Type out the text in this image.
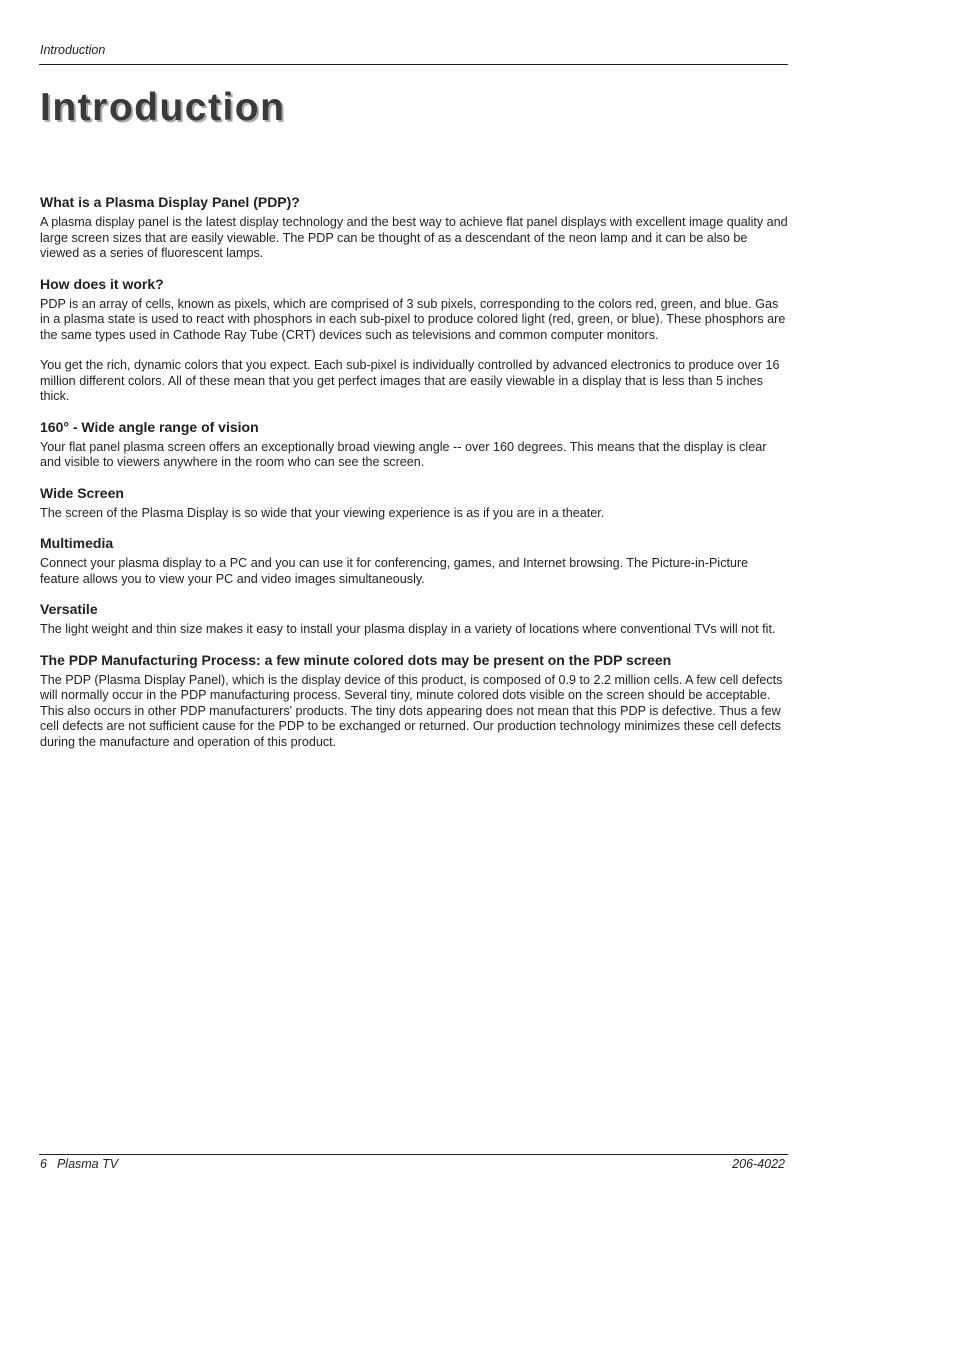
Introduction
Introduction
What is a Plasma Display Panel (PDP)?

A plasma display panel is the latest display technology and the best way to achieve flat panel displays with excellent image quality and large screen sizes that are easily viewable. The PDP can be thought of as a descendant of the neon lamp and it can be also be viewed as a series of fluorescent lamps.

How does it work?

PDP is an array of cells, known as pixels, which are comprised of 3 sub pixels, corresponding to the colors red, green, and blue. Gas in a plasma state is used to react with phosphors in each sub-pixel to produce colored light (red, green, or blue). These phosphors are the same types used in Cathode Ray Tube (CRT) devices such as televisions and common computer monitors.

You get the rich, dynamic colors that you expect. Each sub-pixel is individually controlled by advanced electronics to produce over 16 million different colors. All of these mean that you get perfect images that are easily viewable in a display that is less than 5 inches thick.

160° - Wide angle range of vision

Your flat panel plasma screen offers an exceptionally broad viewing angle -- over 160 degrees. This means that the display is clear and visible to viewers anywhere in the room who can see the screen.

Wide Screen

The screen of the Plasma Display is so wide that your viewing experience is as if you are in a theater.

Multimedia

Connect your plasma display to a PC and you can use it for conferencing, games, and Internet browsing. The Picture-in-Picture feature allows you to view your PC and video images simultaneously.

Versatile

The light weight and thin size makes it easy to install your plasma display in a variety of locations where conventional TVs will not fit.

The PDP Manufacturing Process: a few minute colored dots may be present on the PDP screen

The PDP (Plasma Display Panel), which is the display device of this product, is composed of 0.9 to 2.2 million cells. A few cell defects will normally occur in the PDP manufacturing process. Several tiny, minute colored dots visible on the screen should be acceptable. This also occurs in other PDP manufacturers' products. The tiny dots appearing does not mean that this PDP is defective. Thus a few cell defects are not sufficient cause for the PDP to be exchanged or returned. Our production technology minimizes these cell defects during the manufacture and operation of this product.

6 Plasma TV	206-4022
